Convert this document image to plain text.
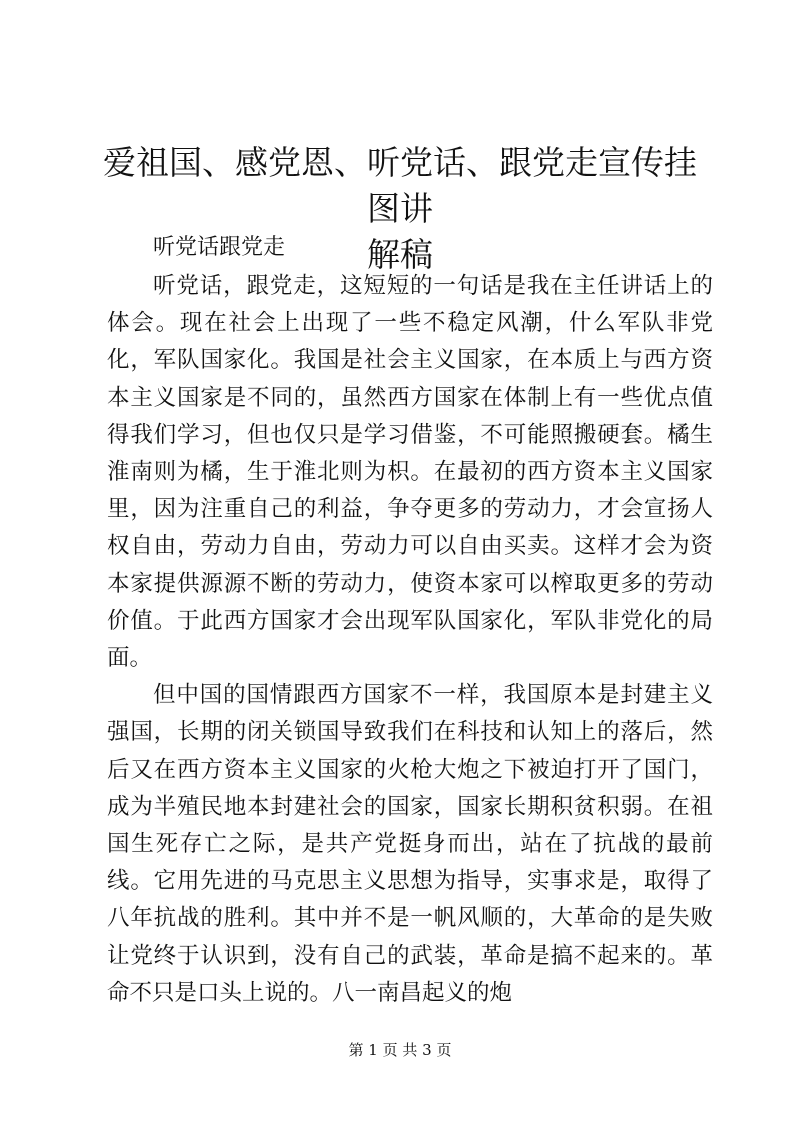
爱祖国、感党恩、听党话、跟党走宣传挂图讲
解稿

听党话跟党走

听党话，跟党走，这短短的一句话是我在主任讲话上的体会。现在社会上出现了一些不稳定风潮，什么军队非党化，军队国家化。我国是社会主义国家，在本质上与西方资本主义国家是不同的，虽然西方国家在体制上有一些优点值得我们学习，但也仅只是学习借鉴，不可能照搬硬套。橘生淮南则为橘，生于淮北则为枳。在最初的西方资本主义国家里，因为注重自己的利益，争夺更多的劳动力，才会宣扬人权自由，劳动力自由，劳动力可以自由买卖。这样才会为资本家提供源源不断的劳动力，使资本家可以榨取更多的劳动价值。于此西方国家才会出现军队国家化，军队非党化的局面。

但中国的国情跟西方国家不一样，我国原本是封建主义强国，长期的闭关锁国导致我们在科技和认知上的落后，然后又在西方资本主义国家的火枪大炮之下被迫打开了国门，成为半殖民地本封建社会的国家，国家长期积贫积弱。在祖国生死存亡之际，是共产党挺身而出，站在了抗战的最前线。它用先进的马克思主义思想为指导，实事求是，取得了八年抗战的胜利。其中并不是一帆风顺的，大革命的是失败让党终于认识到，没有自己的武装，革命是搞不起来的。革命不只是口头上说的。八一南昌起义的炮

第 1 页 共 3 页
